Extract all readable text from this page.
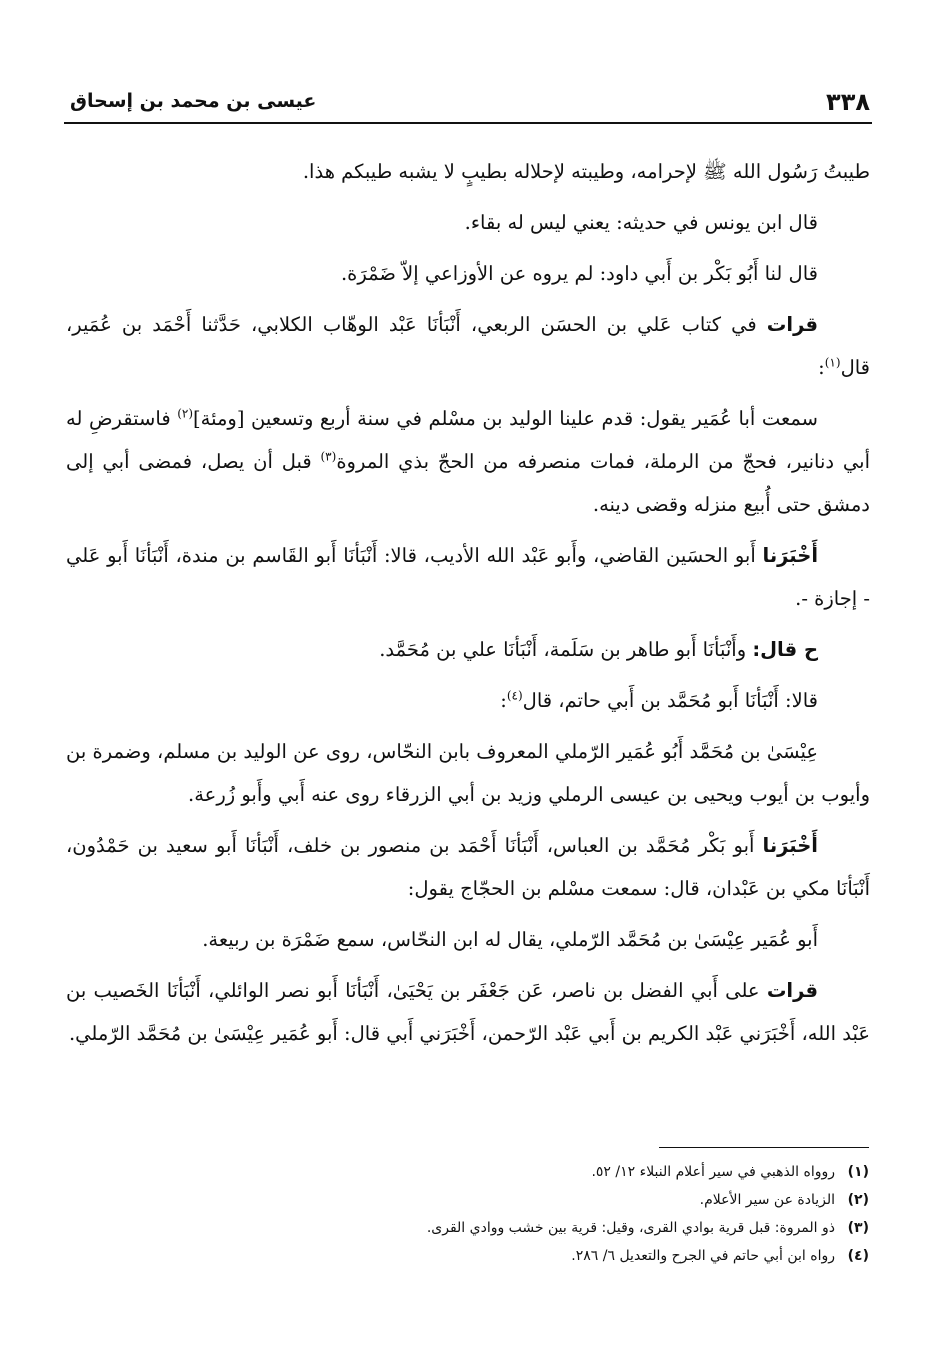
٣٣٨
عيسى بن محمد بن إسحاق

طيبتُ رَسُول الله ﷺ لإحرامه، وطيبته لإحلاله بطيبٍ لا يشبه طيبكم هذا.

قال ابن يونس في حديثه: يعني ليس له بقاء.

قال لنا أَبُو بَكْر بن أَبي داود: لم يروه عن الأوزاعي إلاّ ضَمْرَة.

قرات في كتاب عَلي بن الحسَن الربعي، أَنْبَأنَا عَبْد الوهّاب الكلابي، حَدَّثنا أَحْمَد بن عُمَير، قال$^{(١)}$:

سمعت أبا عُمَير يقول: قدم علينا الوليد بن مسْلم في سنة أربع وتسعين [ومئة]$^{(٢)}$ فاستقرضِ له أبي دنانير، فحجّ من الرملة، فمات منصرفه من الحجّ بذي المروة$^{(٣)}$ قبل أن يصل، فمضى أبي إلى دمشق حتى أُبيع منزله وقضى دينه.

أَخْبَرَنا أَبو الحسَين القاضي، وأَبو عَبْد الله الأديب، قالا: أَنْبَأنَا أَبو القَاسم بن مندة، أَنْبَأنَا أَبو عَلي - إجازة -.

ح قال: وأَنْبَأنَا أَبو طاهر بن سَلَمة، أَنْبَأنَا علي بن مُحَمَّد.

قالا: أَنْبَأنَا أَبو مُحَمَّد بن أَبي حاتم، قال$^{(٤)}$:

عِيْسَىٰ بن مُحَمَّد أَبُو عُمَير الرّملي المعروف بابن النحّاس، روى عن الوليد بن مسلم، وضمرة بن وأيوب بن أيوب ويحيى بن عيسى الرملي وزيد بن أبي الزرقاء روى عنه أَبي وأَبو زُرعة.

أَخْبَرَنا أَبو بَكْر مُحَمَّد بن العباس، أَنْبَأنَا أَحْمَد بن منصور بن خلف، أَنْبَأنَا أَبو سعيد بن حَمْدُون، أَنْبَأنَا مكي بن عَبْدان، قال: سمعت مسْلم بن الحجّاج يقول:

أَبو عُمَير عِيْسَىٰ بن مُحَمَّد الرّملي، يقال له ابن النحّاس، سمع ضَمْرَة بن ربيعة.

قرات على أَبي الفضل بن ناصر، عَن جَعْفَر بن يَحْيَىٰ، أَنْبَأنَا أَبو نصر الوائلي، أَنْبَأنَا الخَصيب بن عَبْد الله، أَخْبَرَني عَبْد الكريم بن أَبي عَبْد الرّحمن، أَخْبَرَني أَبي قال: أَبو عُمَير عِيْسَىٰ بن مُحَمَّد الرّملي.

(١)روواه الذهبي في سير أعلام النبلاء ١٢/ ٥٢.
(٢)الزيادة عن سير الأعلام.
(٣)ذو المروة: قبل قرية بوادي القرى، وقيل: قرية بين خشب ووادي القرى.
(٤)رواه ابن أبي حاتم في الجرح والتعديل ٦/ ٢٨٦.
